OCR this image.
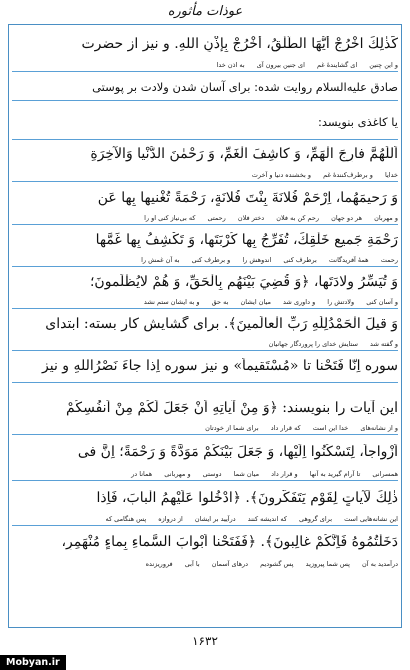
عوذات مأثوره
كَذٰلِكَ اخْرُجْ أَيُّهَا الطَّلْقُ، أُخْرُجْ بِإِذْنِ اللهِ. و نيز از حضرت
و اين چنين اى گشايندهٔ غم اى جنين بيرون آى به اذن خدا
صادق عليه‌السلام روايت شده: براى آسان شدن ولادت بر پوستى
يا كاغذى بنويسد:
اَللّٰهُمَّ فارِجَ الْهَمِّ، وَ كاشِفَ الْغَمِّ، وَ رَحْمٰنَ الدُّنْيا وَالآخِرَةِ
خدايا و برطرف‌كنندهٔ غم و بخشنده دنيا و آخرت
وَ رَحيمَهُما، اِرْحَمْ فُلانَةَ بِنْتَ فُلانَةٍ، رَحْمَةً تُغْنيها بِها عَن
و مهربان هر دو جهان رحم كن به فلان دختر فلان رحمتى كه بى‌نياز كنى او را
رَحْمَةِ جَميعِ خَلْقِكَ، تُفَرِّجُ بِها كُرْبَتَها، وَ تَكْشِفُ بِها غَمَّها
رحمت همهٔ آفريدگانت برطرف كنى اندوهش را و برطرف كنى به آن غمش را
وَ تُيَسِّرُ وِلادَتَها، ﴿وَ قُضِيَ بَيْنَهُم بِالْحَقِّ، وَ هُمْ لايُظْلَمونَ؛
و آسان كنى ولادتش را و داورى شد ميان ايشان به حق و به ايشان ستم نشد
وَ قيلَ الْحَمْدُلِلّٰهِ رَبِّ الْعالَمينَ﴾. براى گشايش كار بسته: ابتداى
و گفته شد ستايش خداى را پروردگار جهانيان
سوره اِنّا فَتَحْنا تا «مُسْتَقيماً» و نيز سوره اِذا جاءَ نَصْرُاللهِ و نيز
اين آيات را بنويسند: ﴿وَ مِنْ آياتِهِ اَنْ جَعَلَ لَكُمْ مِنْ اَنفُسِكُمْ
و از نشانه‌هاى خدا اين است كه قرار داد براى شما از خودتان
اَزْواجاً، لِتَسْكُنُوا اِلَيْها، وَ جَعَلَ بَيْنَكُمْ مَوَدَّةً وَ رَحْمَةً؛ اِنَّ فى
همسرانى تا آرام گيريد به آنها و قرار داد ميان شما دوستى و مهربانى همانا در
ذٰلِكَ لَآياتٍ لِقَوْمٍ يَتَفَكَّرونَ﴾. ﴿ادْخُلوا عَلَيْهِمُ الْبابَ، فَاِذا
اين نشانه‌هايى است براى گروهى كه انديشه كنند درآييد بر ايشان از دروازه پس هنگامى كه
دَخَلْتُمُوهُ فَاِنَّكُمْ غالِبونَ﴾. ﴿فَفَتَحْنا اَبْوابَ السَّماءِ بِماءٍ مُنْهَمِرٍ،
درآمديد به آن پس شما پيروزيد پس گشوديم درهاى آسمان با آبى فروريزنده
۱۶۳۲
Mobyan.ir
